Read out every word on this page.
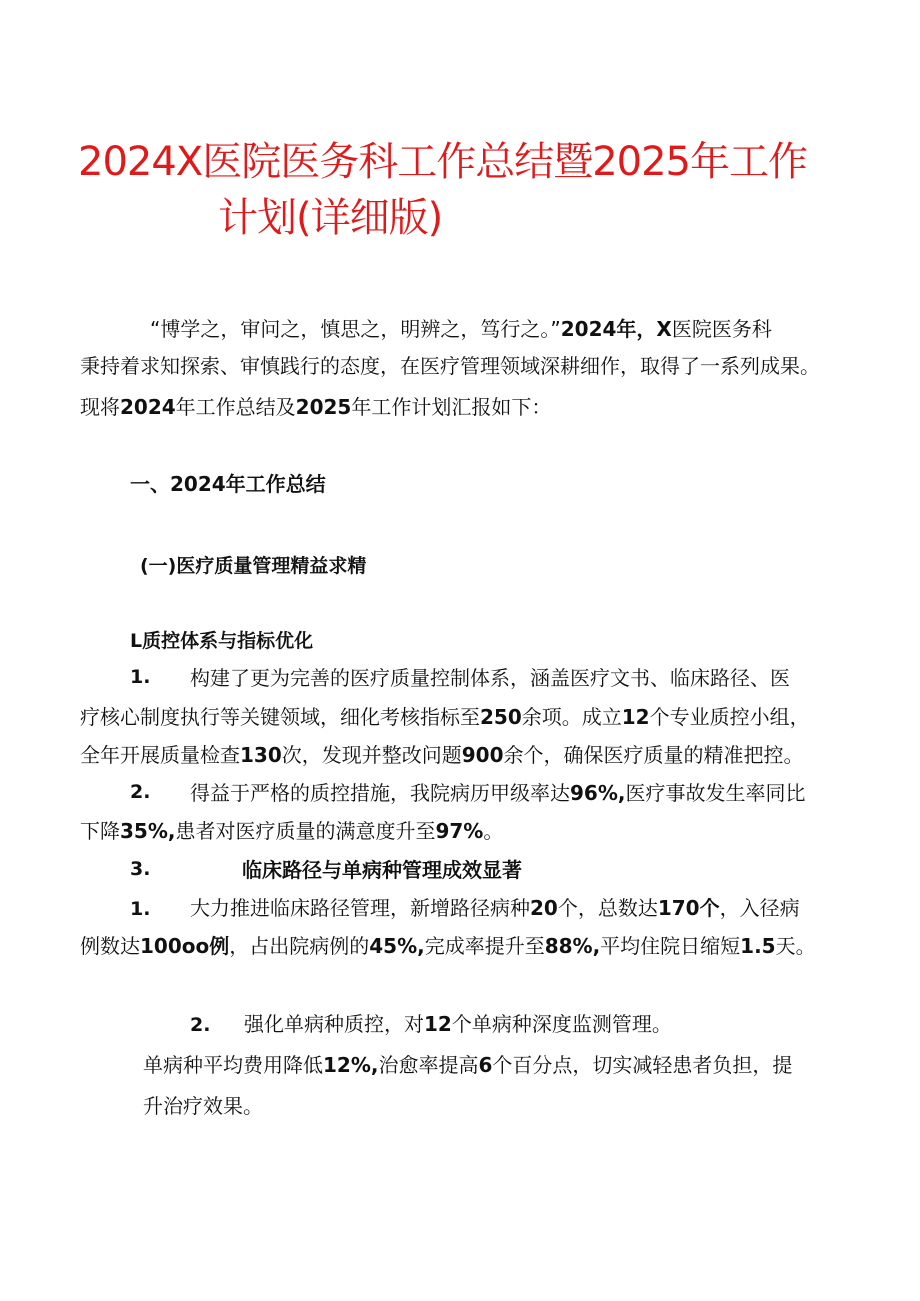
2024X医院医务科工作总结暨2025年工作
计划(详细版)
“博学之，审问之，慎思之，明辨之，笃行之。”2024年，X医院医务科
秉持着求知探索、审慎践行的态度，在医疗管理领域深耕细作，取得了一系列成果。
现将2024年工作总结及2025年工作计划汇报如下：
一、2024年工作总结
(一)医疗质量管理精益求精
L质控体系与指标优化
1. 构建了更为完善的医疗质量控制体系，涵盖医疗文书、临床路径、医
疗核心制度执行等关键领域，细化考核指标至250余项。成立12个专业质控小组，
全年开展质量检查130次，发现并整改问题900余个，确保医疗质量的精准把控。
2. 得益于严格的质控措施，我院病历甲级率达96%,医疗事故发生率同比
下降35%,患者对医疗质量的满意度升至97%。
3.	临床路径与单病种管理成效显著
1. 大力推进临床路径管理，新增路径病种20个，总数达170个，入径病
例数达100oo例，占出院病例的45%,完成率提升至88%,平均住院日缩短1.5天。
2. 强化单病种质控，对12个单病种深度监测管理。
单病种平均费用降低12%,治愈率提高6个百分点，切实减轻患者负担，提
升治疗效果。
